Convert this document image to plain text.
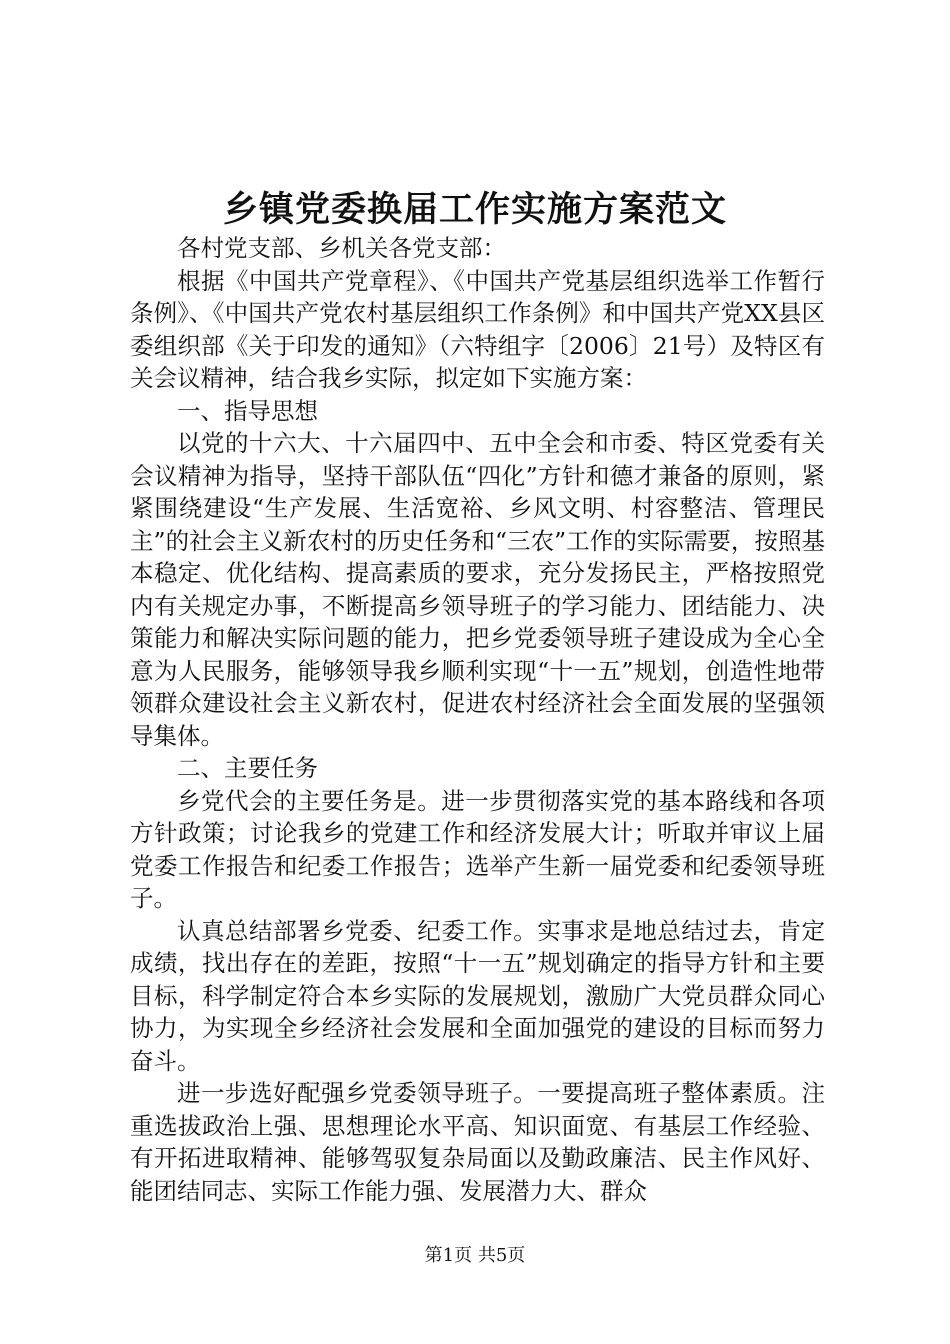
乡镇党委换届工作实施方案范文

各村党支部、乡机关各党支部：

根据《中国共产党章程》、《中国共产党基层组织选举工作暂行条例》、《中国共产党农村基层组织工作条例》和中国共产党XX县区委组织部《关于印发的通知》（六特组字〔2006〕21号）及特区有关会议精神，结合我乡实际，拟定如下实施方案：

一、指导思想

以党的十六大、十六届四中、五中全会和市委、特区党委有关会议精神为指导，坚持干部队伍“四化”方针和德才兼备的原则，紧紧围绕建设“生产发展、生活宽裕、乡风文明、村容整洁、管理民主”的社会主义新农村的历史任务和“三农”工作的实际需要，按照基本稳定、优化结构、提高素质的要求，充分发扬民主，严格按照党内有关规定办事，不断提高乡领导班子的学习能力、团结能力、决策能力和解决实际问题的能力，把乡党委领导班子建设成为全心全意为人民服务，能够领导我乡顺利实现“十一五”规划，创造性地带领群众建设社会主义新农村，促进农村经济社会全面发展的坚强领导集体。

二、主要任务

乡党代会的主要任务是。进一步贯彻落实党的基本路线和各项方针政策；讨论我乡的党建工作和经济发展大计；听取并审议上届党委工作报告和纪委工作报告；选举产生新一届党委和纪委领导班子。

认真总结部署乡党委、纪委工作。实事求是地总结过去，肯定成绩，找出存在的差距，按照“十一五”规划确定的指导方针和主要目标，科学制定符合本乡实际的发展规划，激励广大党员群众同心协力，为实现全乡经济社会发展和全面加强党的建设的目标而努力奋斗。

进一步选好配强乡党委领导班子。一要提高班子整体素质。注重选拔政治上强、思想理论水平高、知识面宽、有基层工作经验、有开拓进取精神、能够驾驭复杂局面以及勤政廉洁、民主作风好、能团结同志、实际工作能力强、发展潜力大、群众

第1页 共5页
